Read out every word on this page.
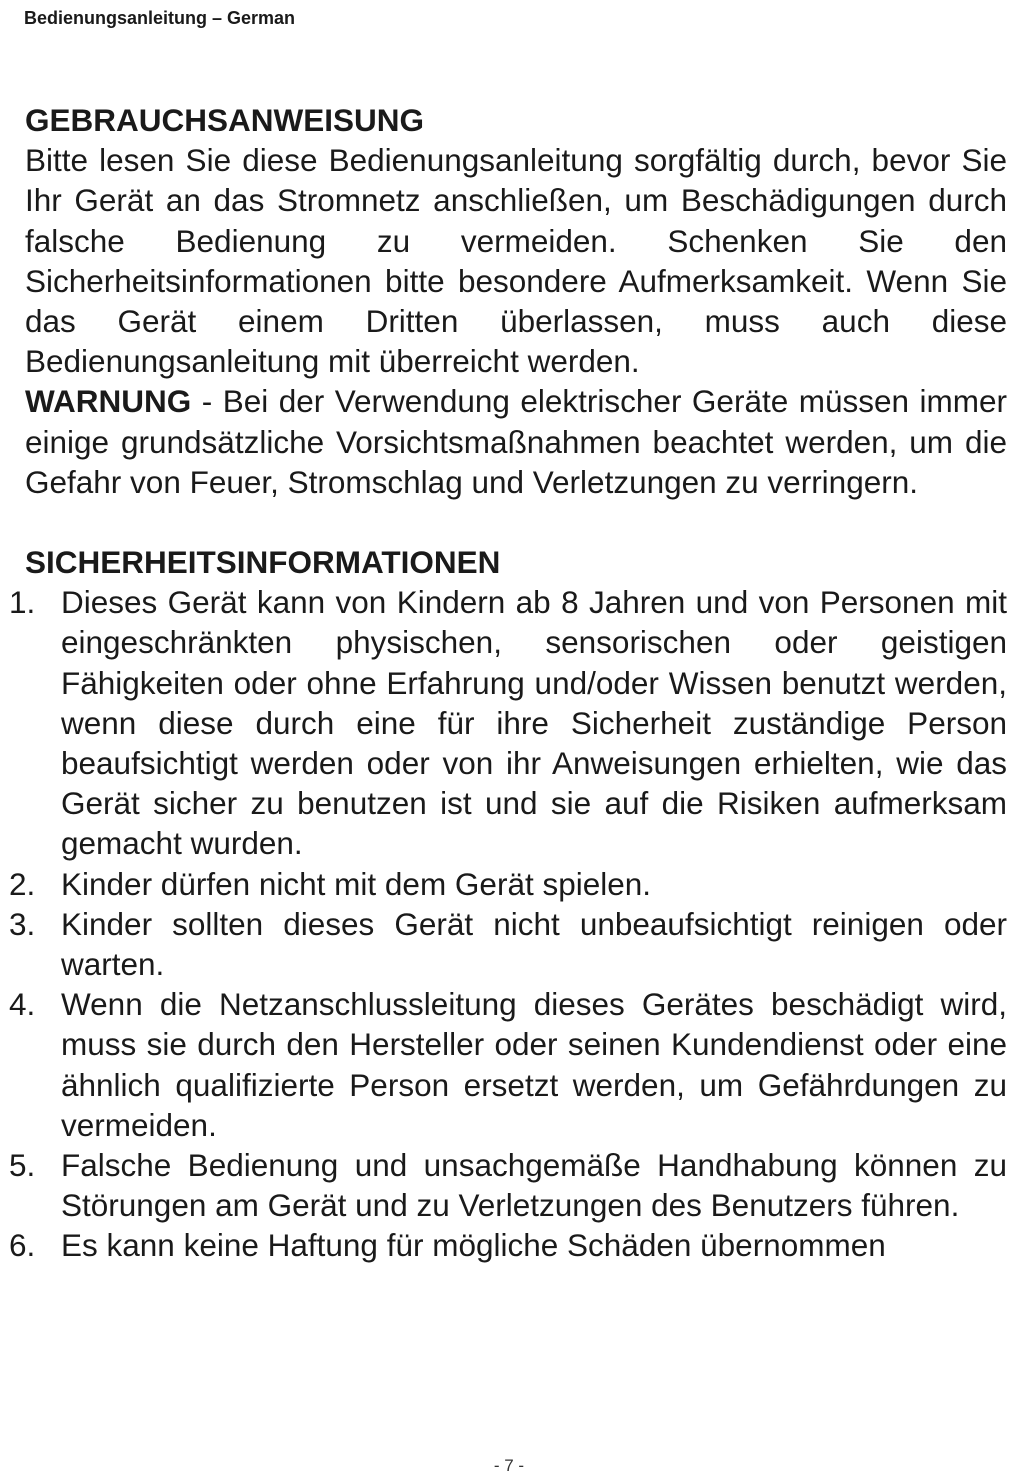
Bedienungsanleitung – German
GEBRAUCHSANWEISUNG

Bitte lesen Sie diese Bedienungsanleitung sorgfältig durch, bevor Sie Ihr Gerät an das Stromnetz anschließen, um Beschädigungen durch falsche Bedienung zu vermeiden. Schenken Sie den Sicherheitsinformationen bitte besondere Aufmerksamkeit. Wenn Sie das Gerät einem Dritten überlassen, muss auch diese Bedienungsanleitung mit überreicht werden.

WARNUNG - Bei der Verwendung elektrischer Geräte müssen immer einige grundsätzliche Vorsichtsmaßnahmen beachtet werden, um die Gefahr von Feuer, Stromschlag und Verletzungen zu verringern.

SICHERHEITSINFORMATIONEN
1. Dieses Gerät kann von Kindern ab 8 Jahren und von Personen mit eingeschränkten physischen, sensorischen oder geistigen Fähigkeiten oder ohne Erfahrung und/oder Wissen benutzt werden, wenn diese durch eine für ihre Sicherheit zuständige Person beaufsichtigt werden oder von ihr Anweisungen erhielten, wie das Gerät sicher zu benutzen ist und sie auf die Risiken aufmerksam gemacht wurden.
2. Kinder dürfen nicht mit dem Gerät spielen.
3. Kinder sollten dieses Gerät nicht unbeaufsichtigt reinigen oder warten.
4. Wenn die Netzanschlussleitung dieses Gerätes beschädigt wird, muss sie durch den Hersteller oder seinen Kundendienst oder eine ähnlich qualifizierte Person ersetzt werden, um Gefährdungen zu vermeiden.
5. Falsche Bedienung und unsachgemäße Handhabung können zu Störungen am Gerät und zu Verletzungen des Benutzers führen.
6. Es kann keine Haftung für mögliche Schäden übernommen
- 7 -
